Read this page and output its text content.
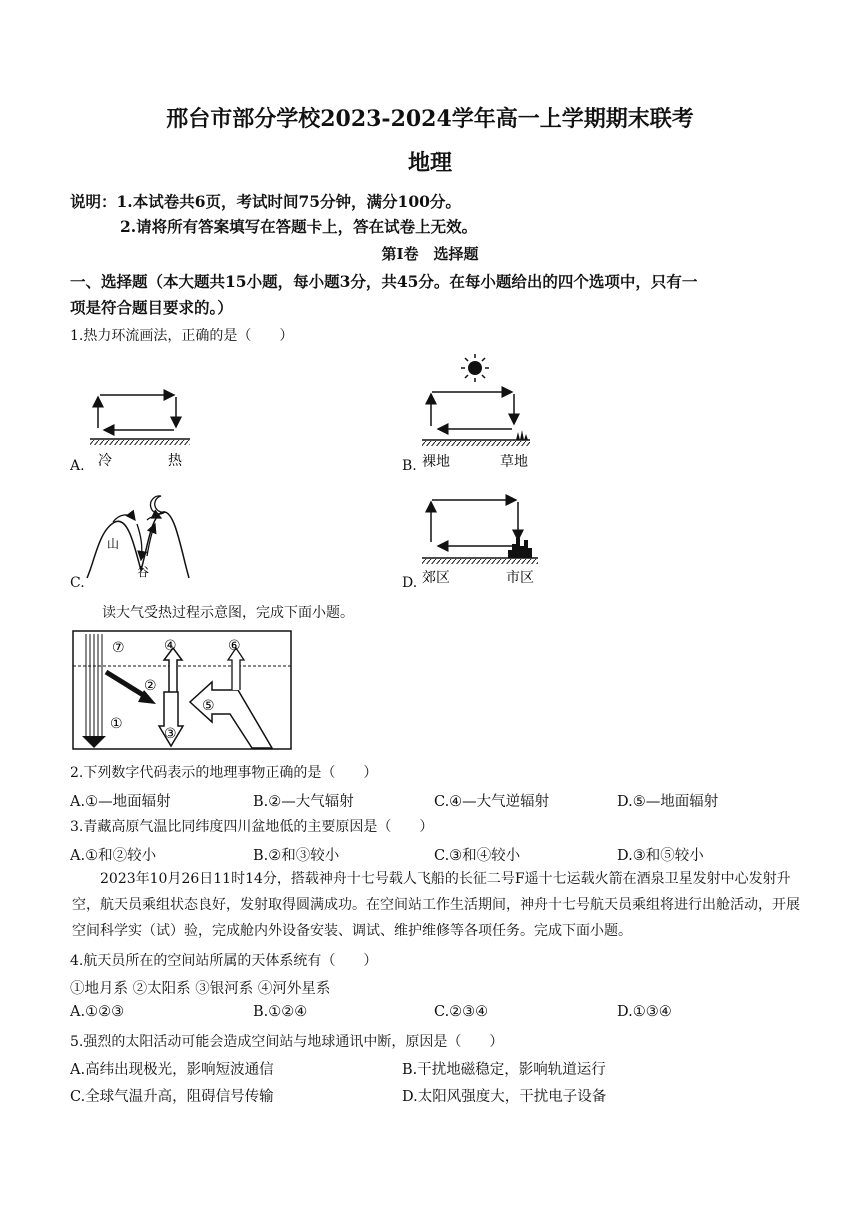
邢台市部分学校2023-2024学年高一上学期期末联考
地理
说明：1.本试卷共6页，考试时间75分钟，满分100分。
2.请将所有答案填写在答题卡上，答在试卷上无效。
第Ⅰ卷　选择题
一、选择题（本大题共15小题，每小题3分，共45分。在每小题给出的四个选项中，只有一
项是符合题目要求的。）
1.热力环流画法，正确的是（　　）
A. 冷	热	B. 裸地	草地
C.
山
谷
D. 郊区	市区
读大气受热过程示意图，完成下面小题。
⑦	④	⑥
②
⑤
①
③
2.下列数字代码表示的地理事物正确的是（　　）
A.①—地面辐射	B.②—大气辐射	C.④—大气逆辐射	D.⑤—地面辐射
3.青藏高原气温比同纬度四川盆地低的主要原因是（　　）
A.①和②较小	B.②和③较小	C.③和④较小	D.③和⑤较小
2023年10月26日11时14分，搭载神舟十七号载人飞船的长征二号F遥十七运载火箭在酒泉卫星发射中心发射升空，航天员乘组状态良好，发射取得圆满成功。在空间站工作生活期间，神舟十七号航天员乘组将进行出舱活动，开展空间科学实（试）验，完成舱内外设备安装、调试、维护维修等各项任务。完成下面小题。
4.航天员所在的空间站所属的天体系统有（　　）
①地月系 ②太阳系 ③银河系 ④河外星系
A.①②③	B.①②④	C.②③④	D.①③④
5.强烈的太阳活动可能会造成空间站与地球通讯中断，原因是（　　）
A.高纬出现极光，影响短波通信	B.干扰地磁稳定，影响轨道运行
C.全球气温升高，阻碍信号传输	D.太阳风强度大，干扰电子设备
